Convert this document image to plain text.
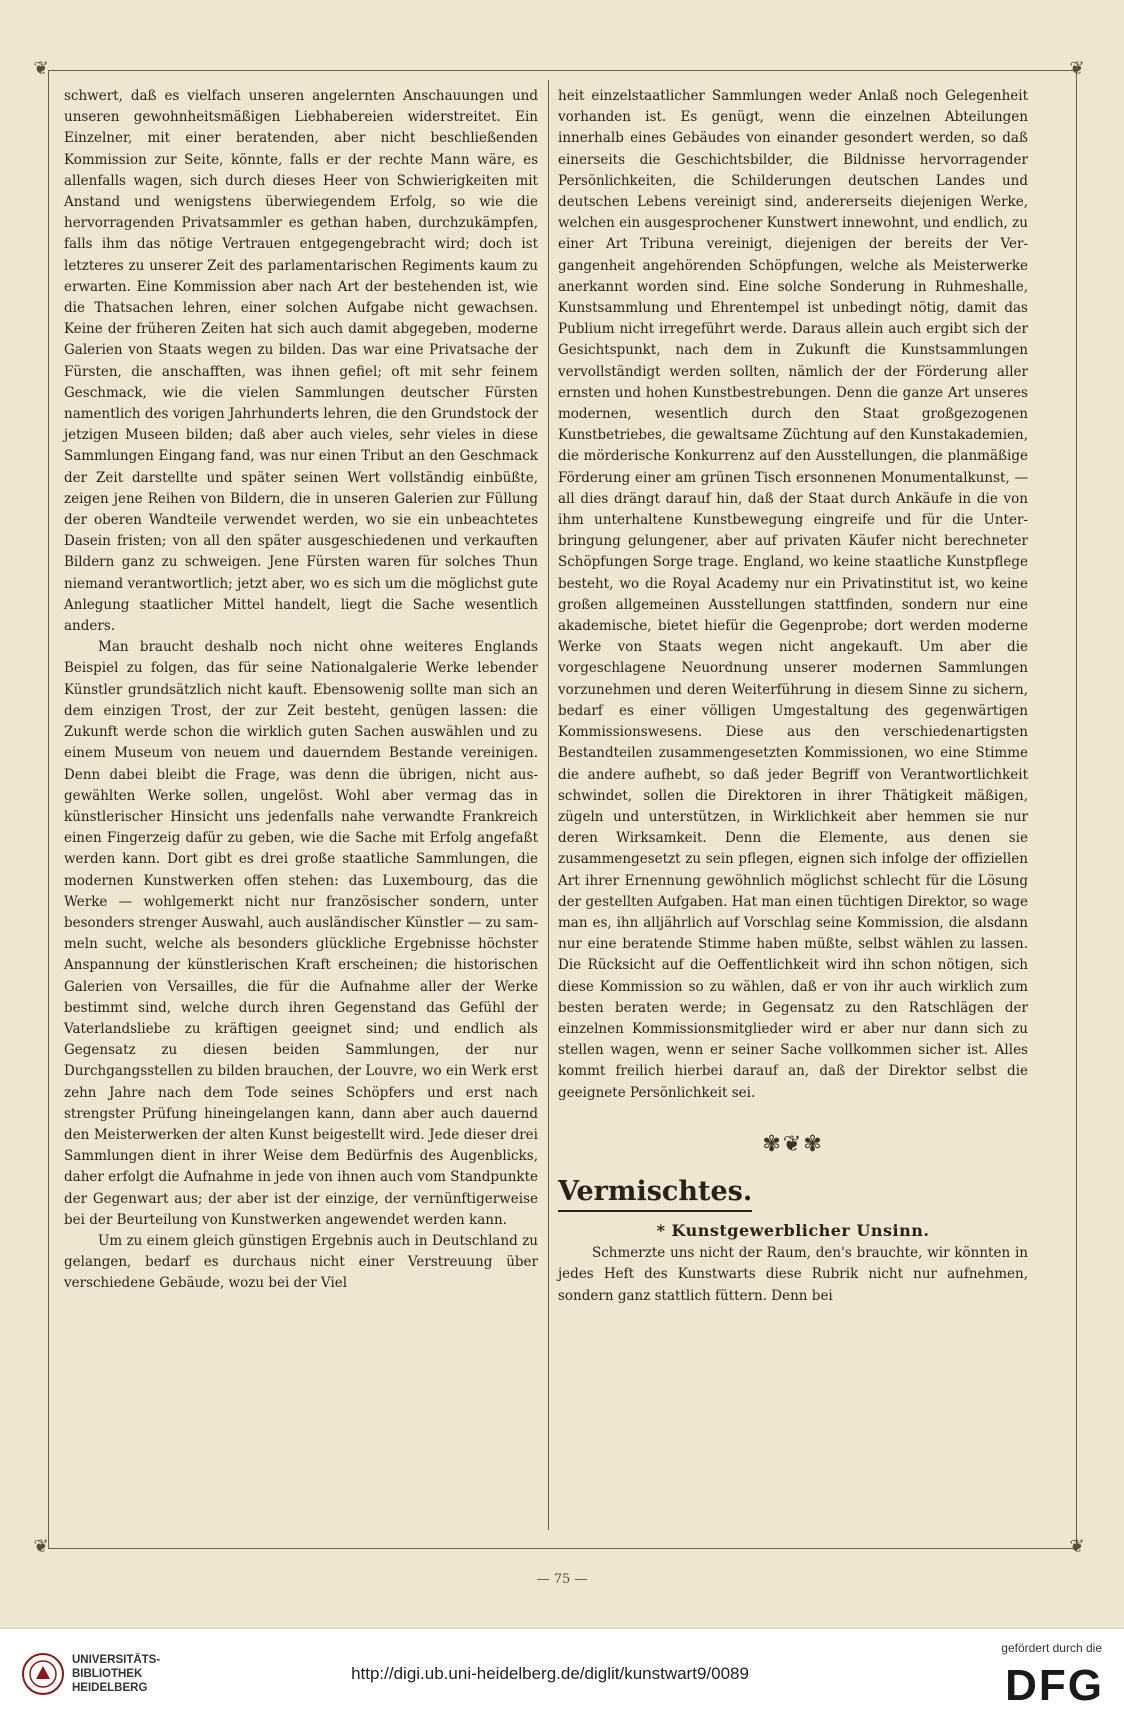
❦	❦
❦	❦

schwert, daß es vielfach unseren angelernten Anschauungen und unseren gewohnheitsmäßigen Liebhabereien widerstreitet. Ein Einzelner, mit einer beratenden, aber nicht beschließenden Kommission zur Seite, könnte, falls er der rechte Mann wäre, es allenfalls wagen, sich durch dieses Heer von Schwierigkeiten mit Anstand und wenigstens überwiegendem Erfolg, so wie die hervorragenden Privatsammler es gethan haben, durchzukämpfen, falls ihm das nötige Vertrauen entgegengebracht wird; doch ist letzteres zu unserer Zeit des parlamentarischen Regiments kaum zu erwarten. Eine Kommission aber nach Art der bestehenden ist, wie die Thatsachen lehren, einer solchen Aufgabe nicht gewachsen. Keine der früheren Zeiten hat sich auch damit abgegeben, moderne Galerien von Staats wegen zu bilden. Das war eine Privatsache der Fürsten, die anschafften, was ihnen gefiel; oft mit sehr feinem Geschmack, wie die vielen Sammlungen deutscher Fürsten namentlich des vorigen Jahrhunderts lehren, die den Grundstock der jetzigen Museen bilden; daß aber auch vieles, sehr vieles in diese Sammlungen Eingang fand, was nur einen Tribut an den Geschmack der Zeit darstellte und später seinen Wert vollständig einbüßte, zeigen jene Reihen von Bildern, die in unseren Galerien zur Füllung der oberen Wandteile verwendet werden, wo sie ein unbeachtetes Dasein fristen; von all den später ausgeschiedenen und verkauften Bildern ganz zu schweigen. Jene Fürsten waren für solches Thun niemand verantwortlich; jetzt aber, wo es sich um die möglichst gute Anlegung staatlicher Mittel handelt, liegt die Sache wesentlich anders.

Man braucht deshalb noch nicht ohne weiteres Englands Beispiel zu folgen, das für seine Nationalgalerie Werke lebender Künstler grundsätzlich nicht kauft. Ebensowenig sollte man sich an dem einzigen Trost, der zur Zeit besteht, genügen lassen: die Zukunft werde schon die wirklich guten Sachen auswählen und zu einem Museum von neuem und dauerndem Bestande vereinigen. Denn dabei bleibt die Frage, was denn die übrigen, nicht ausgewählten Werke sollen, ungelöst. Wohl aber vermag das in künstlerischer Hinsicht uns jedenfalls nahe verwandte Frankreich einen Fingerzeig dafür zu geben, wie die Sache mit Erfolg angefaßt werden kann. Dort gibt es drei große staatliche Sammlungen, die modernen Kunstwerken offen stehen: das Luxembourg, das die Werke — wohlgemerkt nicht nur französischer sondern, unter besonders strenger Auswahl, auch ausländischer Künstler — zu sammeln sucht, welche als besonders glückliche Ergebnisse höchster Anspannung der künstlerischen Kraft erscheinen; die historischen Galerien von Versailles, die für die Aufnahme aller der Werke bestimmt sind, welche durch ihren Gegenstand das Gefühl der Vaterlandsliebe zu kräftigen geeignet sind; und endlich als Gegensatz zu diesen beiden Sammlungen, der nur Durchgangsstellen zu bilden brauchen, der Louvre, wo ein Werk erst zehn Jahre nach dem Tode seines Schöpfers und erst nach strengster Prüfung hineingelangen kann, dann aber auch dauernd den Meisterwerken der alten Kunst beigestellt wird. Jede dieser drei Sammlungen dient in ihrer Weise dem Bedürfnis des Augenblicks, daher erfolgt die Aufnahme in jede von ihnen auch vom Standpunkte der Gegenwart aus; der aber ist der einzige, der vernünftigerweise bei der Beurteilung von Kunstwerken angewendet werden kann.

Um zu einem gleich günstigen Ergebnis auch in Deutschland zu gelangen, bedarf es durchaus nicht einer Verstreuung über verschiedene Gebäude, wozu bei der Viel

heit einzelstaatlicher Sammlungen weder Anlaß noch Gelegenheit vorhanden ist. Es genügt, wenn die einzelnen Abteilungen innerhalb eines Gebäudes von einander gesondert werden, so daß einerseits die Geschichtsbilder, die Bildnisse hervorragender Persönlichkeiten, die Schilderungen deutschen Landes und deutschen Lebens vereinigt sind, andererseits diejenigen Werke, welchen ein ausgesprochener Kunstwert innewohnt, und endlich, zu einer Art Tribuna vereinigt, diejenigen der bereits der Vergangenheit angehörenden Schöpfungen, welche als Meisterwerke anerkannt worden sind. Eine solche Sonderung in Ruhmeshalle, Kunstsammlung und Ehrentempel ist unbedingt nötig, damit das Publium nicht irregeführt werde. Daraus allein auch ergibt sich der Gesichtspunkt, nach dem in Zukunft die Kunstsammlungen vervollständigt werden sollten, nämlich der der Förderung aller ernsten und hohen Kunstbestrebungen. Denn die ganze Art unseres modernen, wesentlich durch den Staat großgezogenen Kunstbetriebes, die gewaltsame Züchtung auf den Kunstakademien, die mörderische Konkurrenz auf den Ausstellungen, die planmäßige Förderung einer am grünen Tisch ersonnenen Monumentalkunst, — all dies drängt darauf hin, daß der Staat durch Ankäufe in die von ihm unterhaltene Kunstbewegung eingreife und für die Unterbringung gelungener, aber auf privaten Käufer nicht berechneter Schöpfungen Sorge trage. England, wo keine staatliche Kunstpflege besteht, wo die Royal Academy nur ein Privatinstitut ist, wo keine großen allgemeinen Ausstellungen stattfinden, sondern nur eine akademische, bietet hiefür die Gegenprobe; dort werden moderne Werke von Staats wegen nicht angekauft. Um aber die vorgeschlagene Neuordnung unserer modernen Sammlungen vorzunehmen und deren Weiterführung in diesem Sinne zu sichern, bedarf es einer völligen Umgestaltung des gegenwärtigen Kommissionswesens. Diese aus den verschiedenartigsten Bestandteilen zusammengesetzten Kommissionen, wo eine Stimme die andere aufhebt, so daß jeder Begriff von Verantwortlichkeit schwindet, sollen die Direktoren in ihrer Thätigkeit mäßigen, zügeln und unterstützen, in Wirklichkeit aber hemmen sie nur deren Wirksamkeit. Denn die Elemente, aus denen sie zusammengesetzt zu sein pflegen, eignen sich infolge der offiziellen Art ihrer Ernennung gewöhnlich möglichst schlecht für die Lösung der gestellten Aufgaben. Hat man einen tüchtigen Direktor, so wage man es, ihn alljährlich auf Vorschlag seine Kommission, die alsdann nur eine beratende Stimme haben müßte, selbst wählen zu lassen. Die Rücksicht auf die Oeffentlichkeit wird ihn schon nötigen, sich diese Kommission so zu wählen, daß er von ihr auch wirklich zum besten beraten werde; in Gegensatz zu den Ratschlägen der einzelnen Kommissionsmitglieder wird er aber nur dann sich zu stellen wagen, wenn er seiner Sache vollkommen sicher ist. Alles kommt freilich hierbei darauf an, daß der Direktor selbst die geeignete Persönlichkeit sei.

✾❦✾
Vermischtes.
* Kunstgewerblicher Unsinn.

Schmerzte uns nicht der Raum, den's brauchte, wir könnten in jedes Heft des Kunstwarts diese Rubrik nicht nur aufnehmen, sondern ganz stattlich füttern. Denn bei

— 75 —
UNIVERSITÄTS-
BIBLIOTHEK
HEIDELBERG
http://digi.ub.uni-heidelberg.de/diglit/kunstwart9/0089
gefördert durch die
DFG
